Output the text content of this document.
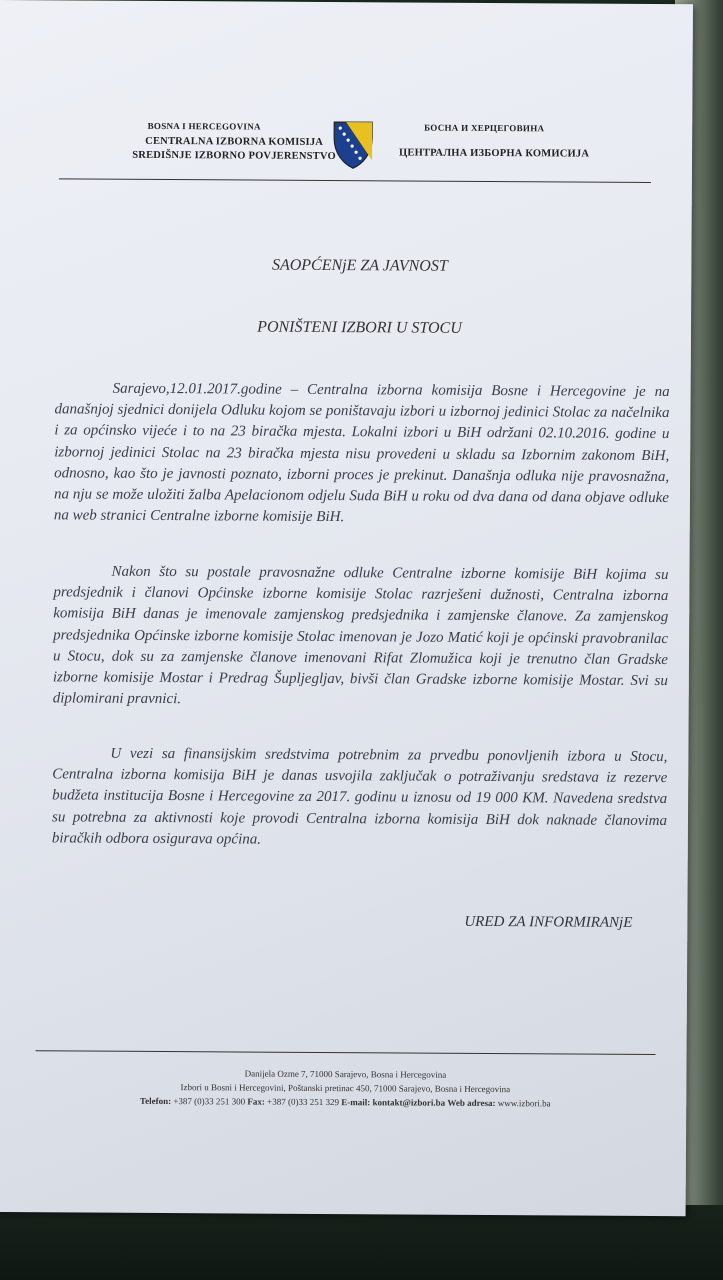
BOSNA I HERCEGOVINA
CENTRALNA IZBORNA KOMISIJA
SREDIŠNJE IZBORNO POVJERENSTVO
БОСНА И ХЕРЦЕГОВИНА
ЦЕНТРАЛНА ИЗБОРНА КОМИСИЈА
SAOPĆENjE ZA JAVNOST
PONIŠTENI IZBORI U STOCU

Sarajevo,12.01.2017.godine – Centralna izborna komisija Bosne i Hercegovine je na današnjoj sjednici donijela Odluku kojom se poništavaju izbori u izbornoj jedinici Stolac za načelnika i za općinsko vijeće i to na 23 biračka mjesta. Lokalni izbori u BiH održani 02.10.2016. godine u izbornoj jedinici Stolac na 23 biračka mjesta nisu provedeni u skladu sa Izbornim zakonom BiH, odnosno, kao što je javnosti poznato, izborni proces je prekinut. Današnja odluka nije pravosnažna, na nju se može uložiti žalba Apelacionom odjelu Suda BiH u roku od dva dana od dana objave odluke na web stranici Centralne izborne komisije BiH.

Nakon što su postale pravosnažne odluke Centralne izborne komisije BiH kojima su predsjednik i članovi Općinske izborne komisije Stolac razrješeni dužnosti, Centralna izborna komisija BiH danas je imenovale zamjenskog predsjednika i zamjenske članove. Za zamjenskog predsjednika Općinske izborne komisije Stolac imenovan je Jozo Matić koji je općinski pravobranilac u Stocu, dok su za zamjenske članove imenovani Rifat Zlomužica koji je trenutno član Gradske izborne komisije Mostar i Predrag Šupljegljav, bivši član Gradske izborne komisije Mostar. Svi su diplomirani pravnici.

U vezi sa finansijskim sredstvima potrebnim za prvedbu ponovljenih izbora u Stocu, Centralna izborna komisija BiH je danas usvojila zaključak o potraživanju sredstava iz rezerve budžeta institucija Bosne i Hercegovine za 2017. godinu u iznosu od 19 000 KM. Navedena sredstva su potrebna za aktivnosti koje provodi Centralna izborna komisija BiH dok naknade članovima biračkih odbora osigurava općina.

URED ZA INFORMIRANjE
Danijela Ozme 7, 71000 Sarajevo, Bosna i Hercegovina
Izbori u Bosni i Hercegovini, Poštanski pretinac 450, 71000 Sarajevo, Bosna i Hercegovina
Telefon: +387 (0)33 251 300 Fax: +387 (0)33 251 329 E-mail: kontakt@izbori.ba Web adresa: www.izbori.ba
